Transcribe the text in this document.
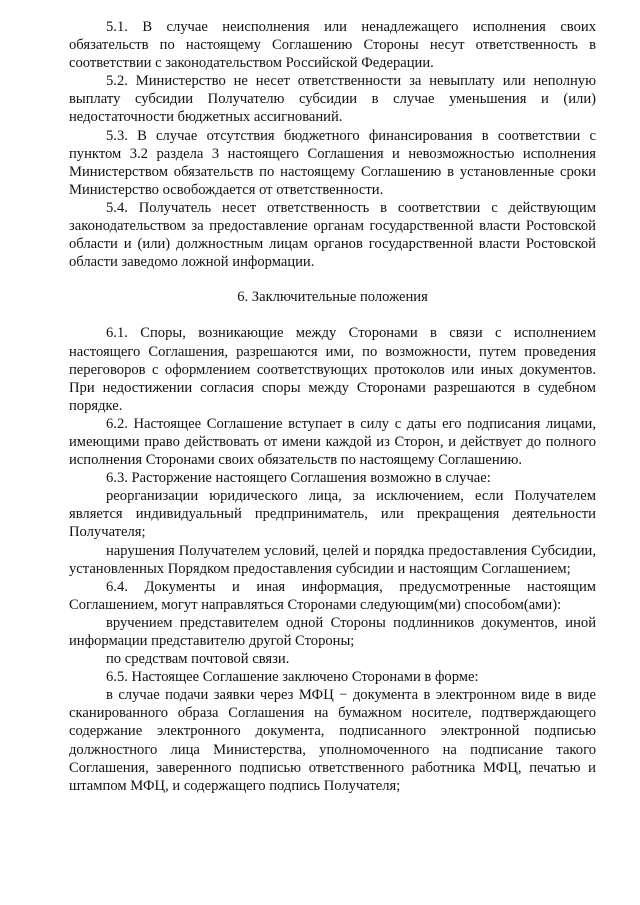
5.1. В случае неисполнения или ненадлежащего исполнения своих обязательств по настоящему Соглашению Стороны несут ответственность в соответствии с законодательством Российской Федерации.

5.2. Министерство не несет ответственности за невыплату или неполную выплату субсидии Получателю субсидии в случае уменьшения и (или) недостаточности бюджетных ассигнований.

5.3. В случае отсутствия бюджетного финансирования в соответствии с пунктом 3.2 раздела 3 настоящего Соглашения и невозможностью исполнения Министерством обязательств по настоящему Соглашению в установленные сроки Министерство освобождается от ответственности.

5.4. Получатель несет ответственность в соответствии с действующим законодательством за предоставление органам государственной власти Ростовской области и (или) должностным лицам органов государственной власти Ростовской области заведомо ложной информации.

6. Заключительные положения

6.1. Споры, возникающие между Сторонами в связи с исполнением настоящего Соглашения, разрешаются ими, по возможности, путем проведения переговоров с оформлением соответствующих протоколов или иных документов. При недостижении согласия споры между Сторонами разрешаются в судебном порядке.

6.2. Настоящее Соглашение вступает в силу с даты его подписания лицами, имеющими право действовать от имени каждой из Сторон, и действует до полного исполнения Сторонами своих обязательств по настоящему Соглашению.

6.3. Расторжение настоящего Соглашения возможно в случае:

реорганизации юридического лица, за исключением, если Получателем является индивидуальный предприниматель, или прекращения деятельности Получателя;

нарушения Получателем условий, целей и порядка предоставления Субсидии, установленных Порядком предоставления субсидии и настоящим Соглашением;

6.4. Документы и иная информация, предусмотренные настоящим Соглашением, могут направляться Сторонами следующим(ми) способом(ами):

вручением представителем одной Стороны подлинников документов, иной информации представителю другой Стороны;

по средствам почтовой связи.

6.5. Настоящее Соглашение заключено Сторонами в форме:

в случае подачи заявки через МФЦ − документа в электронном виде в виде сканированного образа Соглашения на бумажном носителе, подтверждающего содержание электронного документа, подписанного электронной подписью должностного лица Министерства, уполномоченного на подписание такого Соглашения, заверенного подписью ответственного работника МФЦ, печатью и штампом МФЦ, и содержащего подпись Получателя;
